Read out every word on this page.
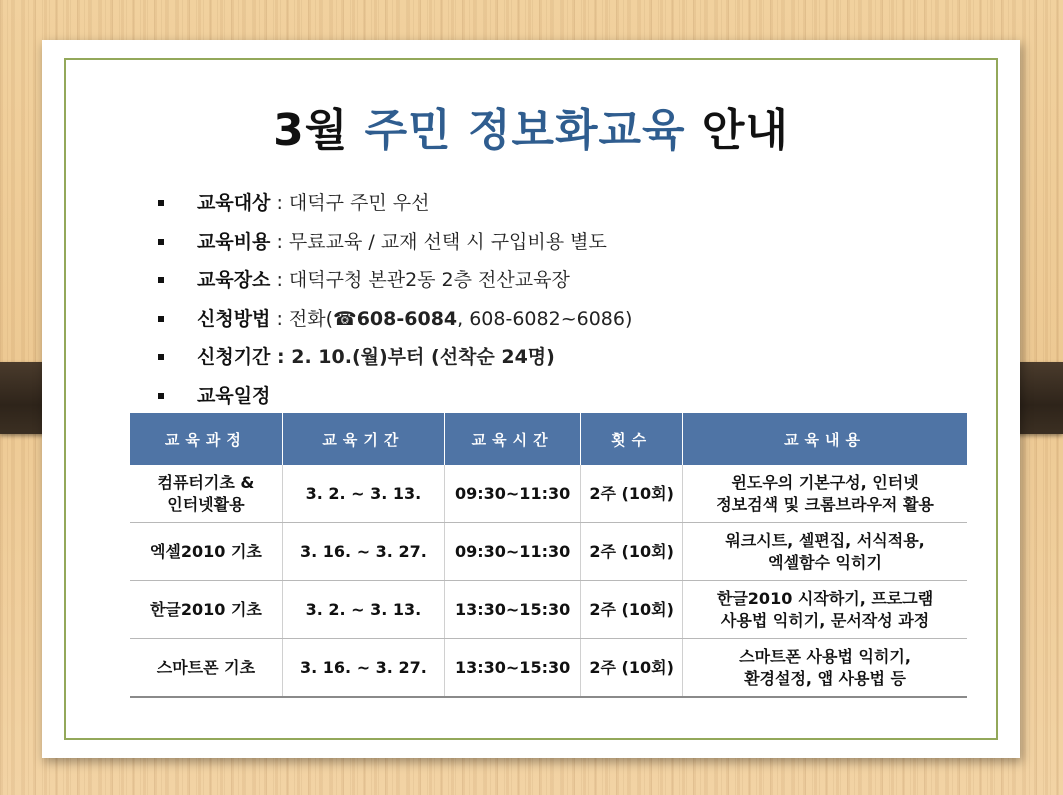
3월 주민 정보화교육 안내
교육대상 : 대덕구 주민 우선
교육비용 : 무료교육 / 교재 선택 시 구입비용 별도
교육장소 : 대덕구청 본관2동 2층 전산교육장
신청방법 : 전화(☎608-6084, 608-6082~6086)
신청기간 : 2. 10.(월)부터 (선착순 24명)
교육일정
교육과정	교육기간	교육시간	횟수	교육내용
컴퓨터기초 &
인터넷활용	3. 2. ~ 3. 13.	09:30~11:30	2주 (10회)	윈도우의 기본구성, 인터넷
정보검색 및 크롬브라우저 활용
엑셀2010 기초	3. 16. ~ 3. 27.	09:30~11:30	2주 (10회)	워크시트, 셀편집, 서식적용,
엑셀함수 익히기
한글2010 기초	3. 2. ~ 3. 13.	13:30~15:30	2주 (10회)	한글2010 시작하기, 프로그램
사용법 익히기, 문서작성 과정
스마트폰 기초	3. 16. ~ 3. 27.	13:30~15:30	2주 (10회)	스마트폰 사용법 익히기,
환경설정, 앱 사용법 등
